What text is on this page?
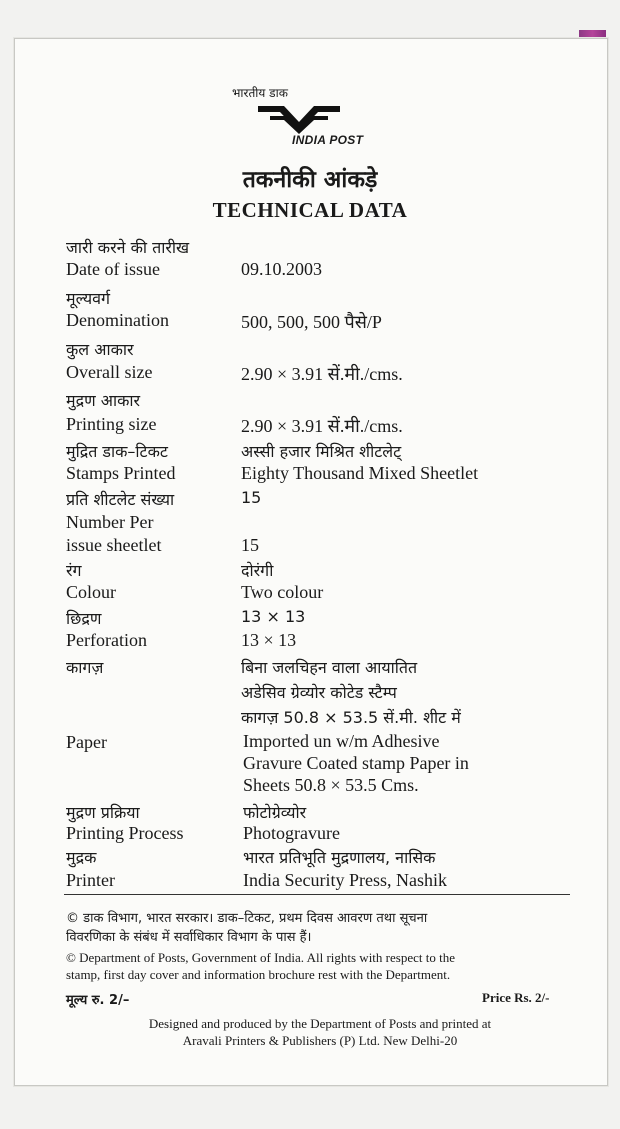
भारतीय डाक
INDIA POST
तकनीकी आंकड़े
TECHNICAL DATA
जारी करने की तारीख
Date of issue	09.10.2003
मूल्यवर्ग
Denomination	500, 500, 500 पैसे/P
कुल आकार
Overall size	2.90 × 3.91 सें.मी./cms.
मुद्रण आकार
Printing size	2.90 × 3.91 सें.मी./cms.
मुद्रित डाक–टिकट	अस्सी हजार मिश्रित शीटलेट्
Stamps Printed	Eighty Thousand Mixed Sheetlet
प्रति शीटलेट संख्या	15
Number Per
issue sheetlet	15
रंग	दोरंगी
Colour	Two colour
छिद्रण	13 × 13
Perforation	13 × 13
कागज़	बिना जलचिहन वाला आयातित
अडेसिव ग्रेव्योर कोटेड स्टैम्प
कागज़ 50.8 × 53.5 सें.मी. शीट में
Paper	Imported un w/m Adhesive
Gravure Coated stamp Paper in
Sheets 50.8 × 53.5 Cms.
मुद्रण प्रक्रिया	फोटोग्रेव्योर
Printing Process	Photogravure
मुद्रक	भारत प्रतिभूति मुद्रणालय, नासिक
Printer	India Security Press, Nashik
© डाक विभाग, भारत सरकार। डाक–टिकट, प्रथम दिवस आवरण तथा सूचना
विवरणिका के संबंध में सर्वाधिकार विभाग के पास हैं।
© Department of Posts, Government of India. All rights with respect to the
stamp, first day cover and information brochure rest with the Department.
मूल्य रु. 2/–	Price Rs. 2/-
Designed and produced by the Department of Posts and printed at
Aravali Printers & Publishers (P) Ltd. New Delhi-20
